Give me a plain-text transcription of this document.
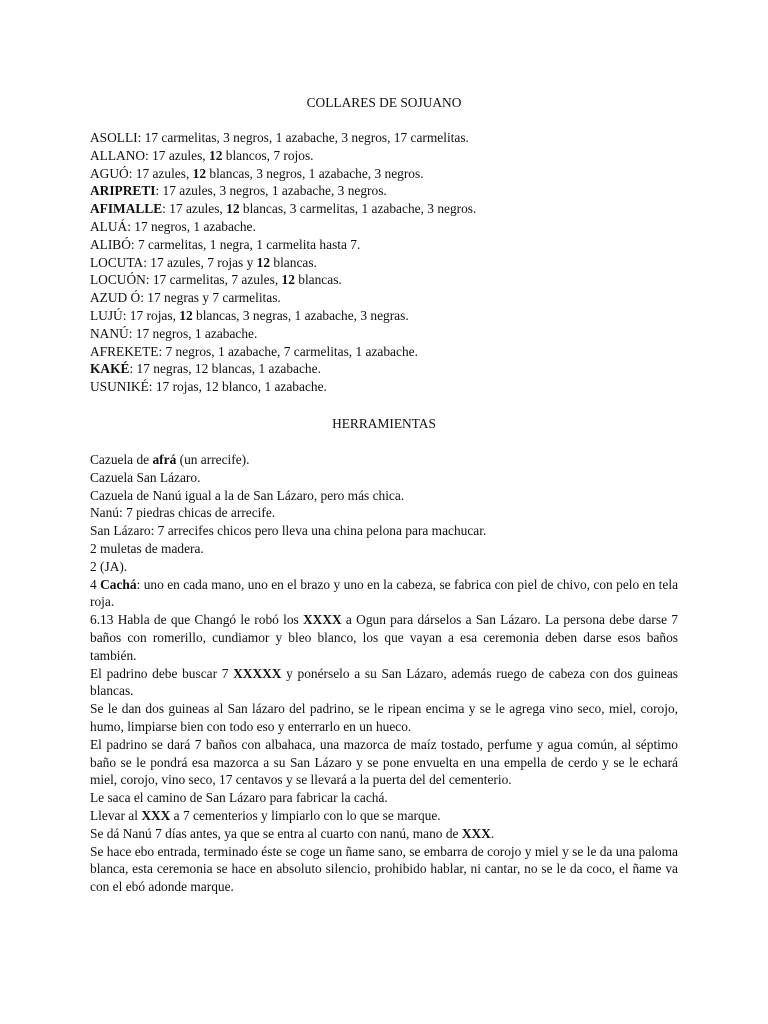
COLLARES DE SOJUANO
ASOLLI: 17 carmelitas, 3 negros, 1 azabache, 3 negros, 17 carmelitas.
ALLANO: 17 azules, 12 blancos, 7 rojos.
AGUÓ: 17 azules, 12 blancas, 3 negros, 1 azabache, 3 negros.
ARIPRETI: 17 azules, 3 negros, 1 azabache, 3 negros.
AFIMALLE: 17 azules, 12 blancas, 3 carmelitas, 1 azabache, 3 negros.
ALUÁ: 17 negros, 1 azabache.
ALIBÓ: 7 carmelitas, 1 negra, 1 carmelita hasta 7.
LOCUTA: 17 azules, 7 rojas y 12 blancas.
LOCUÓN: 17 carmelitas, 7 azules, 12 blancas.
AZUD Ó: 17 negras y 7 carmelitas.
LUJÚ: 17 rojas, 12 blancas, 3 negras, 1 azabache, 3 negras.
NANÚ: 17 negros, 1 azabache.
AFREKETE: 7 negros, 1 azabache, 7 carmelitas, 1 azabache.
KAKÉ: 17 negras, 12 blancas, 1 azabache.
USUNIKÉ: 17 rojas, 12 blanco, 1 azabache.
HERRAMIENTAS
Cazuela de afrá (un arrecife).
Cazuela San Lázaro.
Cazuela de Nanú igual a la de San Lázaro, pero más chica.
Nanú: 7 piedras chicas de arrecife.
San Lázaro: 7 arrecifes chicos pero lleva una china pelona para machucar.
2 muletas de madera.
2 (JA).
4 Cachá: uno en cada mano, uno en el brazo y uno en la cabeza, se fabrica con piel de chivo, con pelo en tela roja.
6.13 Habla de que Changó le robó los XXXX a Ogun para dárselos a San Lázaro. La persona debe darse 7 baños con romerillo, cundiamor y bleo blanco, los que vayan a esa ceremonia deben darse esos baños también.
El padrino debe buscar 7 XXXXX y ponérselo a su San Lázaro, además ruego de cabeza con dos guineas blancas.
Se le dan dos guineas al San lázaro del padrino, se le ripean encima y se le agrega vino seco, miel, corojo, humo, limpiarse bien con todo eso y enterrarlo en un hueco.
El padrino se dará 7 baños con albahaca, una mazorca de maíz tostado, perfume y agua común, al séptimo baño se le pondrá esa mazorca a su San Lázaro y se pone envuelta en una empella de cerdo y se le echará miel, corojo, vino seco, 17 centavos y se llevará a la puerta del del cementerio.
Le saca el camino de San Lázaro para fabricar la cachá.
Llevar al XXX a 7 cementerios y limpiarlo con lo que se marque.
Se dá Nanú 7 días antes, ya que se entra al cuarto con nanú, mano de XXX.
Se hace ebo entrada, terminado éste se coge un ñame sano, se embarra de corojo y miel y se le da una paloma blanca, esta ceremonia se hace en absoluto silencio, prohibido hablar, ni cantar, no se le da coco, el ñame va con el ebó adonde marque.
